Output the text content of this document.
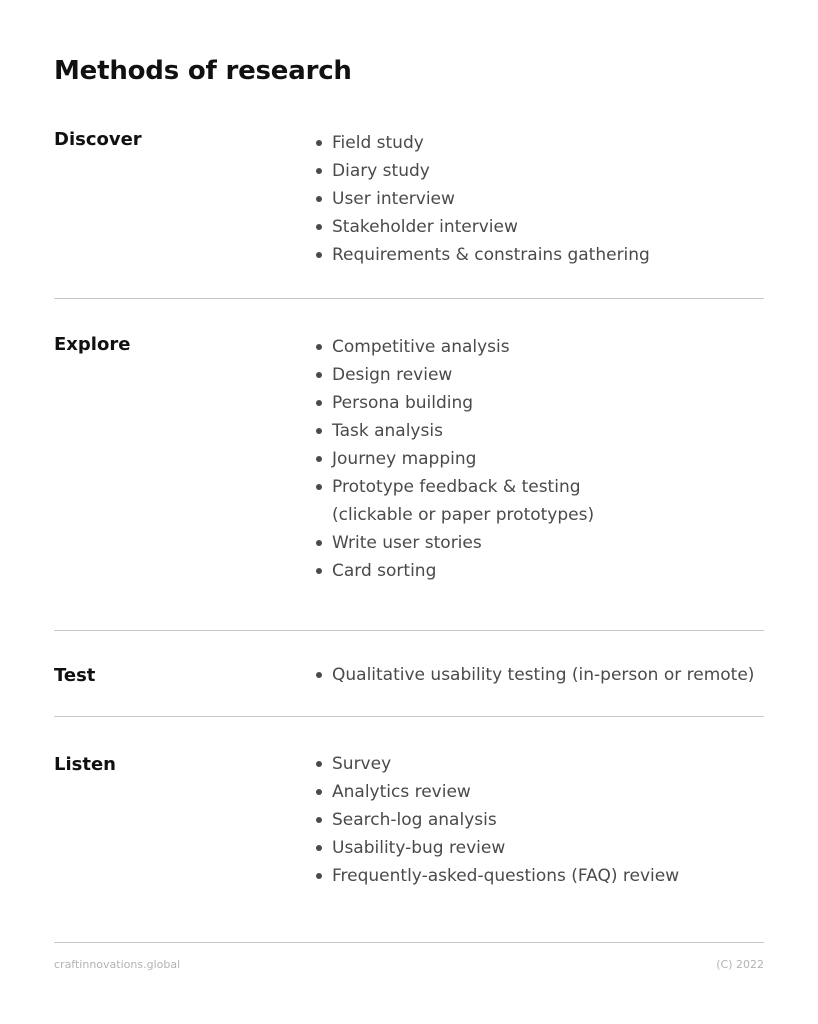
Methods of research
Discover	Field study
Diary study
User interview
Stakeholder interview
Requirements & constrains gathering
Explore	Competitive analysis
Design review
Persona building
Task analysis
Journey mapping
Prototype feedback & testing
(clickable or paper prototypes)
Write user stories
Card sorting
Test	Qualitative usability testing (in-person or remote)
Listen	Survey
Analytics review
Search-log analysis
Usability-bug review
Frequently-asked-questions (FAQ) review
craftinnovations.global	(C) 2022
